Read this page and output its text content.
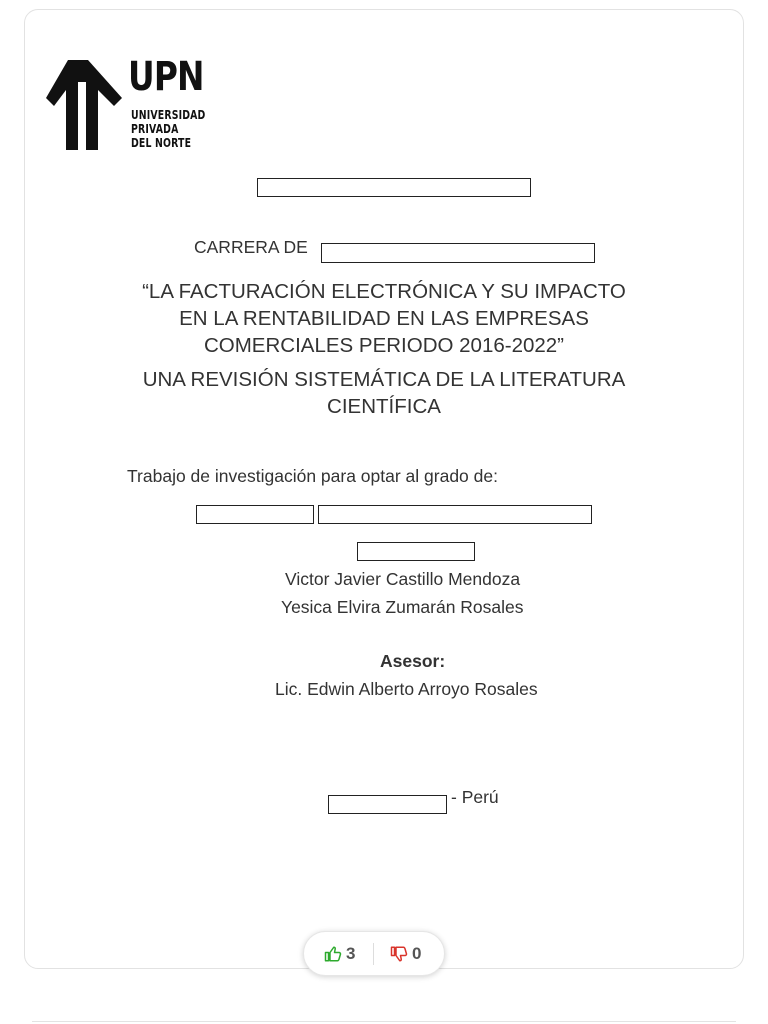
UPN
UNIVERSIDAD
PRIVADA
DEL NORTE
CARRERA DE
“LA FACTURACIÓN ELECTRÓNICA Y SU IMPACTO
EN LA RENTABILIDAD EN LAS EMPRESAS
COMERCIALES PERIODO 2016-2022”
UNA REVISIÓN SISTEMÁTICA DE LA LITERATURA
CIENTÍFICA
Trabajo de investigación para optar al grado de:
Victor Javier Castillo Mendoza
Yesica Elvira Zumarán Rosales
Asesor:
Lic. Edwin Alberto Arroyo Rosales
- Perú
3	0
